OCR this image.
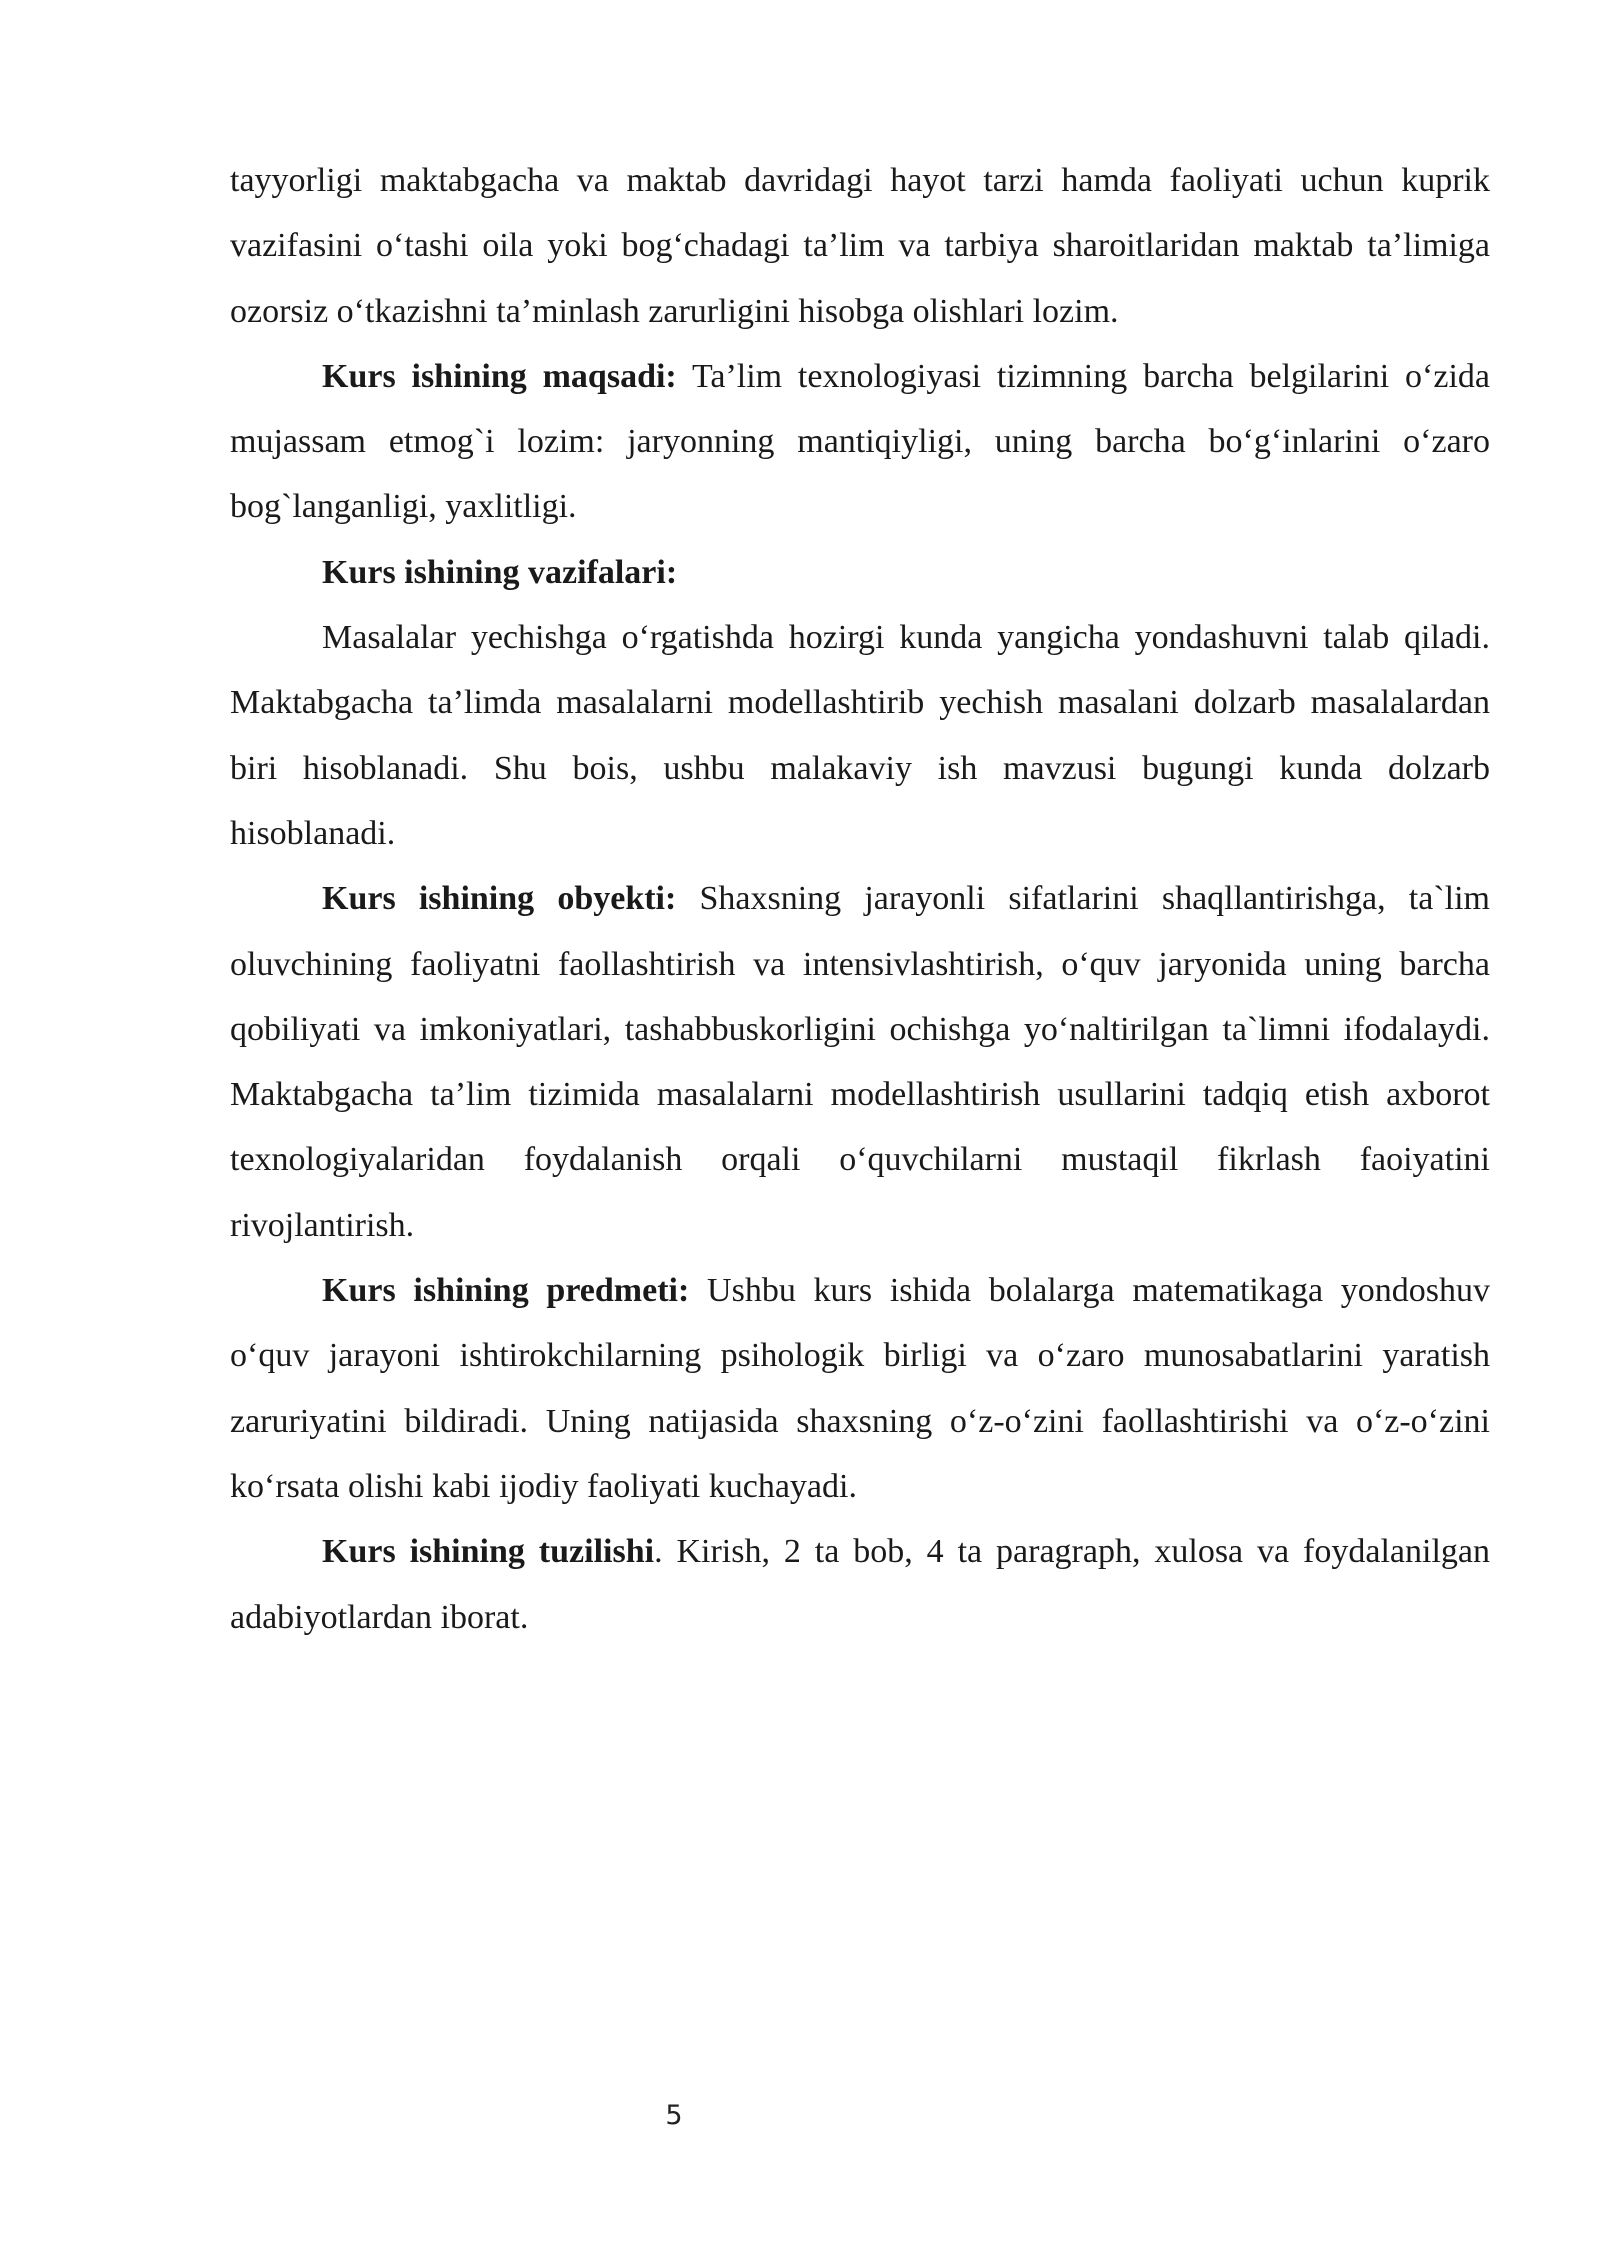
tayyorligi maktabgacha va maktab davridagi hayot tarzi hamda faoliyati uchun kuprik vazifasini o‘tashi oila yoki bog‘chadagi ta’lim va tarbiya sharoitlaridan maktab ta’limiga ozorsiz o‘tkazishni ta’minlash zarurligini hisobga olishlari lozim.

Kurs ishining maqsadi: Ta’lim texnologiyasi tizimning barcha belgilarini o‘zida mujassam etmog`i lozim: jaryonning mantiqiyligi, uning barcha bo‘g‘inlarini o‘zaro bog`langanligi, yaxlitligi.

Kurs ishining vazifalari:

Masalalar yechishga o‘rgatishda hozirgi kunda yangicha yondashuvni talab qiladi. Maktabgacha ta’limda masalalarni modellashtirib yechish masalani dolzarb masalalardan biri hisoblanadi. Shu bois, ushbu malakaviy ish mavzusi bugungi kunda dolzarb hisoblanadi.

Kurs ishining obyekti: Shaxsning jarayonli sifatlarini shaqllantirishga, ta`lim oluvchining faoliyatni faollashtirish va intensivlashtirish, o‘quv jaryonida uning barcha qobiliyati va imkoniyatlari, tashabbuskorligini ochishga yo‘naltirilgan ta`limni ifodalaydi. Maktabgacha ta’lim tizimida masalalarni modellashtirish usullarini tadqiq etish axborot texnologiyalaridan foydalanish orqali o‘quvchilarni mustaqil fikrlash faoiyatini rivojlantirish.

Kurs ishining predmeti: Ushbu kurs ishida bolalarga matematikaga yondoshuv o‘quv jarayoni ishtirokchilarning psihologik birligi va o‘zaro munosabatlarini yaratish zaruriyatini bildiradi. Uning natijasida shaxsning o‘z-o‘zini faollashtirishi va o‘z-o‘zini ko‘rsata olishi kabi ijodiy faoliyati kuchayadi.

Kurs ishining tuzilishi. Kirish, 2 ta bob, 4 ta paragraph, xulosa va foydalanilgan adabiyotlardan iborat.

5
